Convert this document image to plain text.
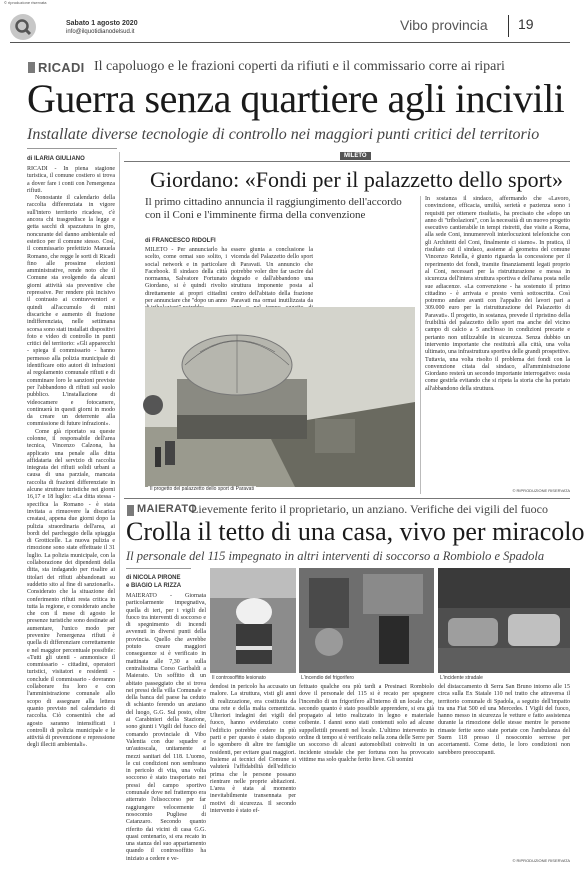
© riproduzione riservata
Sabato 1 agosto 2020
info@ilquotidianodelsud.it	Vibo provincia 19
RICADI Il capoluogo e le frazioni coperti da rifiuti e il commissario corre ai ripari
Guerra senza quartiere agli incivili
Installate diverse tecnologie di controllo nei maggiori punti critici del territorio
di ILARIA GIULIANO

RICADI - In piena stagione turistica, il comune costiero si trova a dover fare i conti con l'emergenza rifiuti.

Nonostante il calendario della raccolta differenziata in vigore sull'intero territorio ricadese, c'è ancora chi trasgredisce la legge e getta sacchi di spazzatura in giro, noncurante del danno ambientale ed estetico per il comune stesso. Così, il commissario prefettizio Manuela Romano, che regge le sorti di Ricadi fino alle prossime elezioni amministrative, rende noto che il Comune sta svolgendo da alcuni giorni attività sia preventive che repressive. Per rendere più incisivo il contrasto ai contravventori e quindi all'accumulo di mini discariche e aumento di frazione indifferenziata, nelle settimana scorsa sono stati installati dispositivi foto e video di controllo in punti critici del territorio: «Gli apparecchi - spiega il commissario - hanno permesso alla polizia municipale di identificare otto autori di infrazioni al regolamento comunale rifiuti e di comminare loro le sanzioni previste per l'abbandono di rifiuti sul suolo pubblico. L'installazione di videocamere e fotocamere, continuerà in questi giorni in modo da creare un deterrente alla commissione di future infrazioni».

Come già riportato su queste colonne, il responsabile dell'area tecnica, Vincenzo Calzona, ha applicato una penale alla ditta affidataria del servizio di raccolta integrata dei rifiuti solidi urbani a causa di una parziale, mancata raccolta di frazioni differenziate in alcune strutture turistiche nei giorni 16,17 e 18 luglio: «La ditta stessa - specifica la Romano - è stata invitata a rimuovere la discarica creatasi, appena due giorni dopo la pulizia straordinaria dell'area, ai bordi del parcheggio della spiaggia di Grotticelle. La nuova pulizia e rimozione sono state effettuate il 31 luglio. La polizia municipale, con la collaborazione dei dipendenti della ditta, sta indagando per risalire ai titolari dei rifiuti abbandonati su suddetto sito al fine di sanzionarli». Considerato che la situazione del conferimento rifiuti resta critica in tutta la regione, e considerato anche che con il mese di agosto le presenze turistiche sono destinate ad aumentare, l'unico modo per prevenire l'emergenza rifiuti è quella di differenziare correttamente e nel maggior percentuale possibile: «Tutti gli utenti - ammonisce il commissario - cittadini, operatori turistici, visitatori e residenti - conclude il commissario - dovranno collaborare fra loro e con l'amministrazione comunale allo scopo di assegnare alla lettera quanto previsto nel calendario di raccolta. Ciò consentirà che ad agosto saranno intensificati i controlli di polizia municipale e le attività di prevenzione e repressione degli illeciti ambientali».

MILETO
Giordano: «Fondi per il palazzetto dello sport»
Il primo cittadino annuncia il raggiungimento dell'accordo con il Coni e l'imminente firma della convenzione
di FRANCESCO RIDOLFI
MILETO - Per annunciarlo ha scelto, come ormai suo solito, i social network e in particolare Facebook. Il sindaco della città normanna, Salvatore Fortunato Giordano, si è quindi rivolto direttamente ai propri cittadini per annunciare che "dopo un anno
essere giunta a conclusione la vicenda del Palazzetto dello sport di Paravati. Un annuncio che potrebbe voler dire far uscire dal degrado e dall'abbandono una struttura imponente posta al centro dell'abitato della frazione Paravati ma ormai inutilizzata da
In sostanza il sindaco, affermando che «Lavoro, convinzione, efficacia, umiltà, serietà e pazienza sono i requisiti per ottenere risultati», ha precisato che «dopo un anno di "tribolazioni", con la necessità di un nuovo progetto esecutivo cantierabile in tempi ristretti, due visite a Roma, alla sede Coni, innumerevoli interlocuzioni telefoniche con gli Architetti del Coni, finalmente ci siamo». In pratica, il risultato cui il sindaco, assieme al geometra del comune Vincenzo Retella, è giunto riguarda la concessione per il reperimento dei fondi, tramite finanziamenti legati proprio al Coni, necessari per la ristrutturazione e messa in sicurezza dell'intera struttura sportiva e dell'area posta nelle sue adiacenze. «La convenzione - ha sostenuto il primo cittadino - è arrivata e presto verrà sottoscritta. Così potremo andare avanti con l'appalto dei lavori pari a 309.000 euro per la ristrutturazione del Palazzetto di Paravati». Il progetto, in sostanza, prevede il ripristino della fruibilità del palazzetto dello sport ma anche del vicino campo di calcio a 5 anch'esso in condizioni precarie e pertanto non utilizzabile in sicurezza. Senza dubbio un intervento importante che restituirà alla città, una volta ultimato, una infrastruttura sportiva delle grandi prospettive. Tuttavia, una volta risolto il problema dei fondi con la convenzione citata dal sindaco, all'amministrazione Giordano resterà un secondo importante interrogativo: ossia come gestirla evitando che si ripeta la storia che ha portato all'abbandono della struttura.
© RIPRODUZIONE RISERVATA
Il progetto del palazzetto dello sport di Paravati
MAIERATO
Lievemente ferito il proprietario, un anziano. Verifiche dei vigili del fuoco
Crolla il tetto di una casa, vivo per miracolo
Il personale del 115 impegnato in altri interventi di soccorso a Rombiolo e Spadola
di NICOLA PIRONE
e BIAGIO LA RIZZA
MAIERATO - Giornata particolarmente impegnativa, quella di ieri, per i vigili del fuoco tra interventi di soccorso e di spegnimento di incendi avvenuti in diversi punti della provincia. Quello che avrebbe potuto creare maggiori conseguenze si è verificato in mattinata alle 7,30 a sulla centralissima Corso Garibaldi a Maierato. Un soffitto di un abitato passeggiato che si trova nei pressi della villa Comunale e della banca del paese ha ceduto di schianto ferendo un anziano del luogo, G.G. Sul posto, oltre ai Carabinieri della Stazione, sono giunti i Vigili del fuoco del comando provinciale di Vibo Valentia con due squadre e un'autoscala, unitamente ai mezzi sanitari del 118. L'uomo, le cui condizioni non sembrano in pericolo di vita, una volta soccorso è stato trasportato nei pressi del campo sportivo comunale dove nel frattempo era atterrato l'elisoccorso per far raggiungere velocemente il nosocomio Pugliese di Catanzaro. Secondo quanto riferito dai vicini di casa G.G. quasi centenario, si era recato in una stanza del suo appartamento quando il controsoffitto ha iniziato a cedere e ve-
Il controsoffitto lesionato	L'incendio del frigorifero	L'incidente stradale
dendosi in pericolo ha accusato un malore. La struttura, visti gli anni di realizzazione, era costituita da una rete e della malta cementizia. Ulteriori indagini dei vigili del fuoco, hanno evidenziato come l'edificio potrebbe cedere in più parti e per questo è stato disposto lo sgombero di altre tre famiglie residenti, per evitare guai maggiori. Insieme ai tecnici del Comune si valuterà l'affidabilità dell'edificio prima che le persone possano rientrare nelle proprie abitazioni. L'area è stata al momento inevitabilmente transennata per motivi di sicurezza. Il secondo intervento è stato ef-
fettuato qualche ora più tardi a Presinaci Rombiolo dove il personale del 115 si è recato per spegnere l'incendio di un frigorifero all'interno di un locale che, secondo quanto è stato possibile apprendere, si era già propagato al tetto realizzato in legno e materiale coibente. I danni sono stati contenuti solo ad alcune suppellettili presenti nel locale. L'ultimo intervento in ordine di tempo si è verificato nella zona delle Serre per un soccorso di alcuni automobilisti coinvolti in un incidente stradale che per fortuna non ha provocato vittime ma solo qualche ferito lieve. Gli uomini
del distaccamento di Serra San Bruno intorno alle 15 circa sulla Ex Statale 110 nel tratto che attraversa il territorio comunale di Spadola, a seguito dell'impatto tra una Fiat 500 ed una Mercedes. I Vigili del fuoco, hanno messo in sicurezza le vetture e fatto assistenza durante la rimozione delle stesse mentre le persone rimaste ferite sono state portate con l'ambulanza del Suem 118 presso il nosocomio serrese per accertamenti. Come detto, le loro condizioni non sarebbero preoccupanti.
© RIPRODUZIONE RISERVATA
